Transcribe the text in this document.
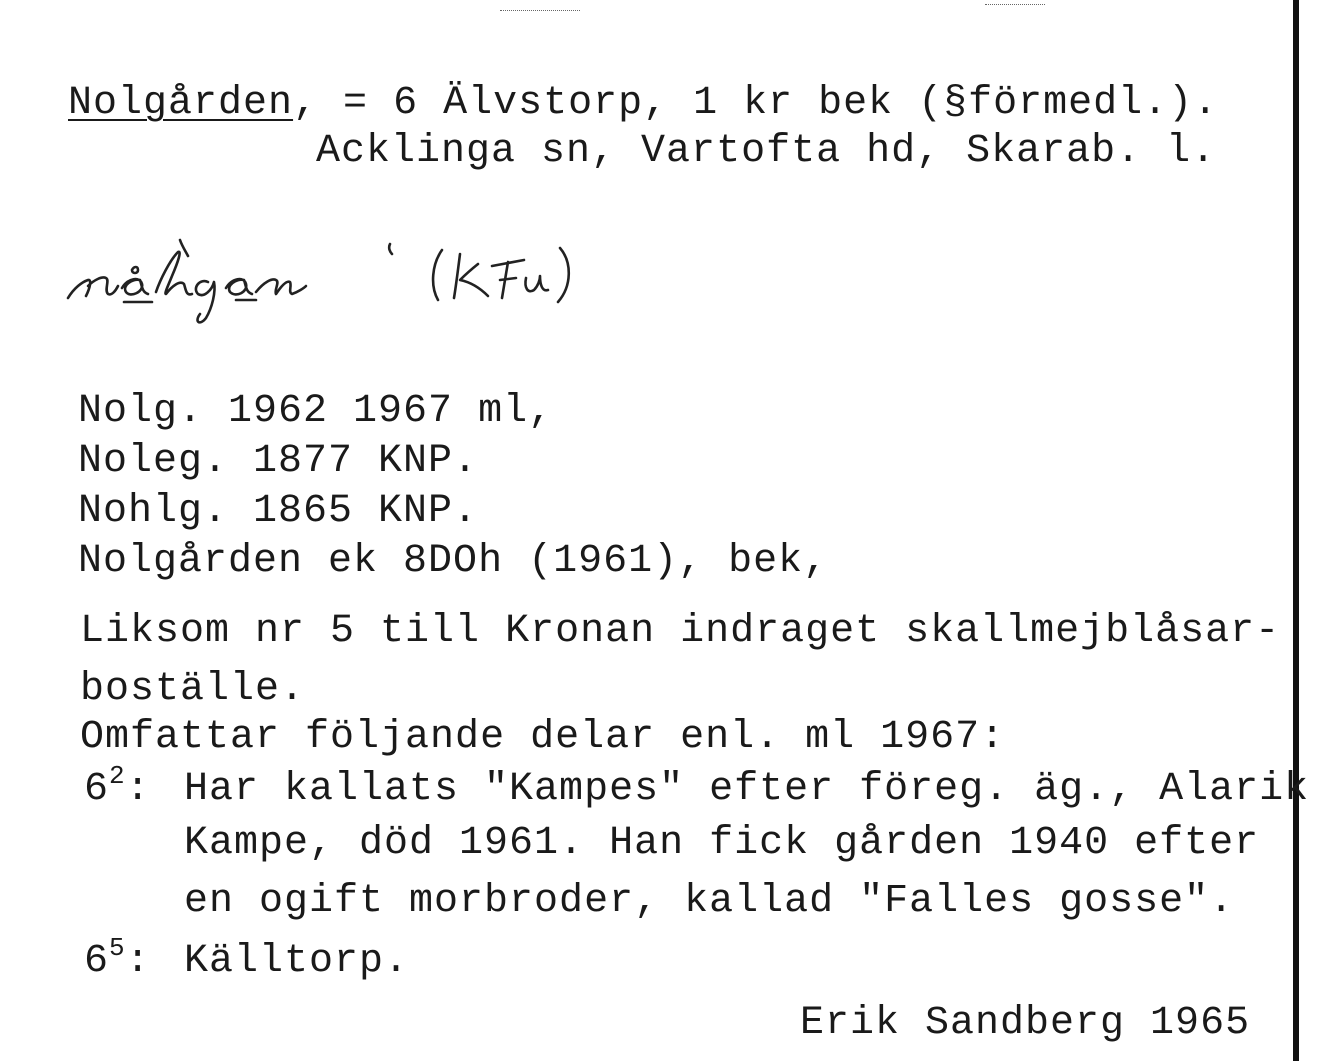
Nolgården, = 6 Älvstorp, 1 kr bek (§förmedl.).
Acklinga sn, Vartofta hd, Skarab. l.
Nolg. 1962 1967 ml,
Noleg. 1877 KNP.
Nohlg. 1865 KNP.
Nolgården ek 8DOh (1961), bek,
Liksom nr 5 till Kronan indraget skallmejblåsar-
boställe.
Omfattar följande delar enl. ml 1967:
$6^2$: Har kallats "Kampes" efter föreg. äg., Alarik
Kampe, död 1961. Han fick gården 1940 efter
en ogift morbroder, kallad "Falles gosse".
$6^5$: Källtorp.
Erik Sandberg 1965
